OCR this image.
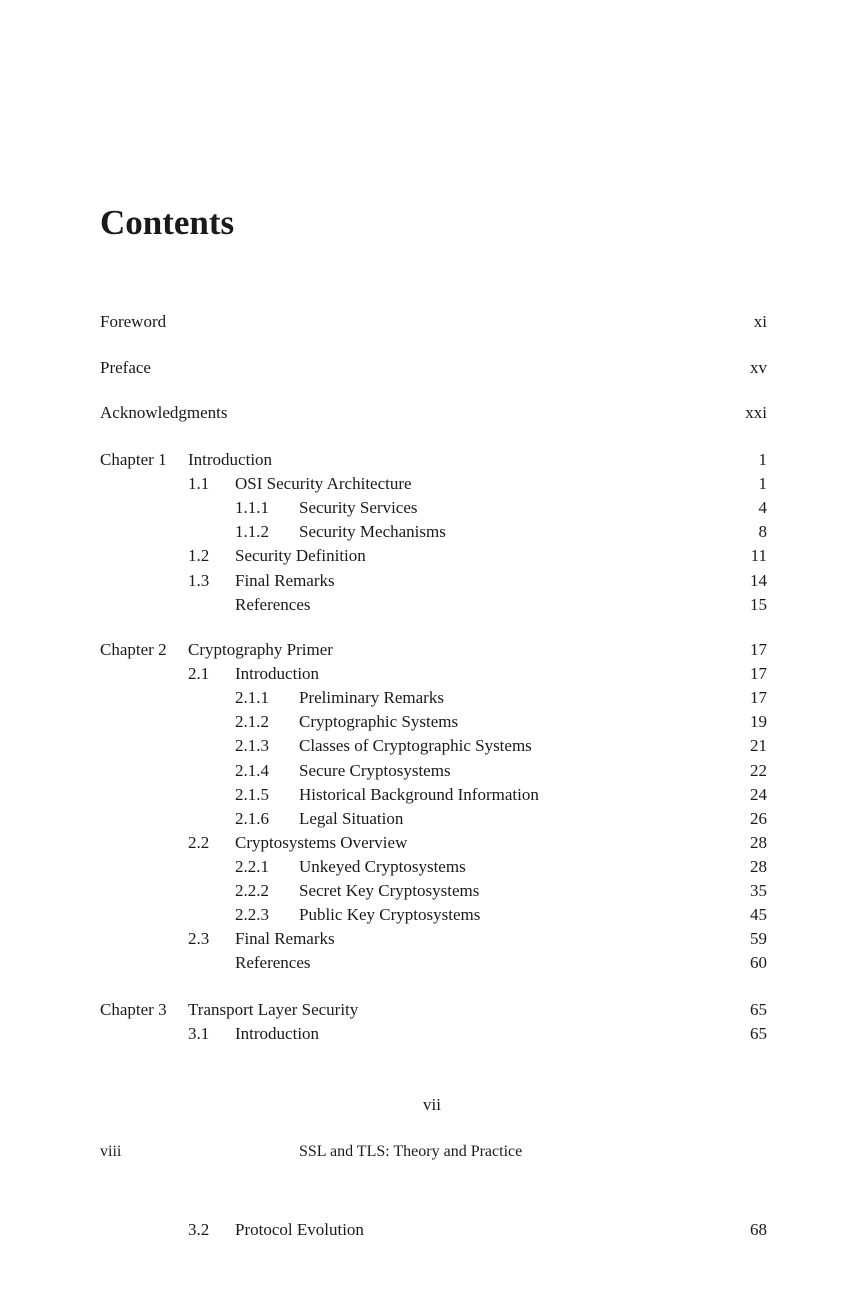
Contents
Foreword	xi
Preface	xv
Acknowledgments	xxi
Chapter 1 Introduction	1
1.1 OSI Security Architecture	1
1.1.1 Security Services	4
1.1.2 Security Mechanisms	8
1.2 Security Definition	11
1.3 Final Remarks	14
References	15
Chapter 2 Cryptography Primer	17
2.1 Introduction	17
2.1.1 Preliminary Remarks	17
2.1.2 Cryptographic Systems	19
2.1.3 Classes of Cryptographic Systems	21
2.1.4 Secure Cryptosystems	22
2.1.5 Historical Background Information	24
2.1.6 Legal Situation	26
2.2 Cryptosystems Overview	28
2.2.1 Unkeyed Cryptosystems	28
2.2.2 Secret Key Cryptosystems	35
2.2.3 Public Key Cryptosystems	45
2.3 Final Remarks	59
References	60
Chapter 3 Transport Layer Security	65
3.1 Introduction	65
vii
viii	SSL and TLS: Theory and Practice
3.2 Protocol Evolution	68
